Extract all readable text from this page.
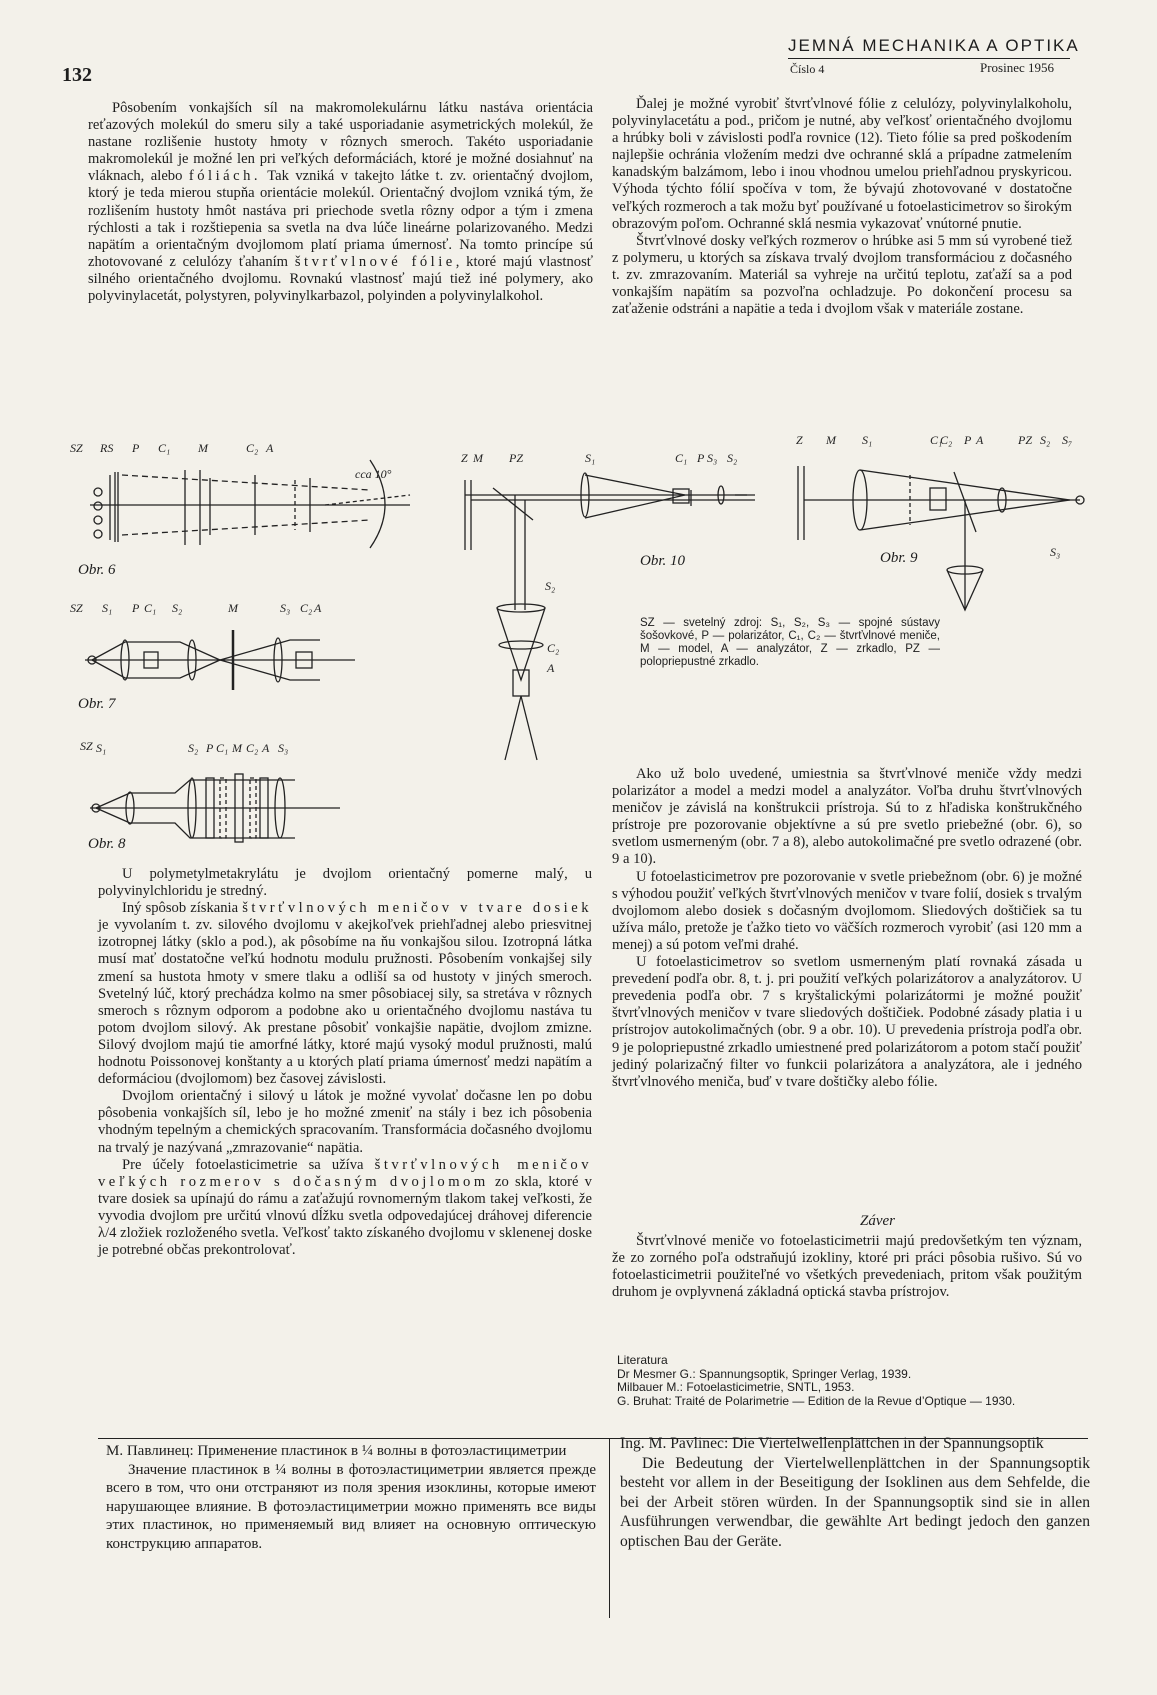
132
JEMNÁ MECHANIKA A OPTIKA
Číslo 4	Prosinec 1956

Pôsobením vonkajších síl na makromolekulárnu látku nastáva orientácia reťazových molekúl do smeru sily a také usporiadanie asymetrických molekúl, že nastane rozlišenie hustoty hmoty v rôznych smeroch. Takéto usporiadanie makromolekúl je možné len pri veľkých deformáciách, ktoré je možné dosiahnuť na vláknach, alebo fóliách. Tak vzniká v takejto látke t. zv. orientačný dvojlom, ktorý je teda mierou stupňa orientácie molekúl. Orientačný dvojlom vzniká tým, že rozlišením hustoty hmôt nastáva pri priechode svetla rôzny odpor a tým i zmena rýchlosti a tak i rozštiepenia sa svetla na dva lúče lineárne polarizovaného. Medzi napätím a orientačným dvojlomom platí priama úmernosť. Na tomto princípe sú zhotovované z celulózy ťahaním štvrťvlnové fólie, ktoré majú vlastnosť silného orientačného dvojlomu. Rovnakú vlastnosť majú tiež iné polymery, ako polyvinylacetát, polystyren, polyvinylkarbazol, polyinden a polyvinylalkohol.

Ďalej je možné vyrobiť štvrťvlnové fólie z celulózy, polyvinylalkoholu, polyvinylacetátu a pod., pričom je nutné, aby veľkosť orientačného dvojlomu a hrúbky boli v závislosti podľa rovnice (12). Tieto fólie sa pred poškodením najlepšie ochránia vložením medzi dve ochranné sklá a prípadne zatmelením kanadským balzámom, lebo i inou vhodnou umelou priehľadnou pryskyricou. Výhoda týchto fólií spočíva v tom, že bývajú zhotovované v dostatočne veľkých rozmeroch a tak možu byť používané u fotoelasticimetrov so širokým obrazovým poľom. Ochranné sklá nesmia vykazovať vnútorné pnutie.

Štvrťvlnové dosky veľkých rozmerov o hrúbke asi 5 mm sú vyrobené tiež z polymeru, u ktorých sa získava trvalý dvojlom transformáciou z dočasného t. zv. zmrazovaním. Materiál sa vyhreje na určitú teplotu, zaťaží sa a pod vonkajším napätím sa pozvoľna ochladzuje. Po dokončení procesu sa zaťaženie odstráni a napätie a teda i dvojlom však v materiále zostane.

SZ RS P C₁ M	C₂ A
cca 10°
Obr. 6
SZ S₁ P C₁ S₂	M	S₃ C₂ A
Obr. 7
SZ S₁	S₂ P C₁ M C₂ A S₃
Obr. 8
Z M PZ	S₁	C₁ P S₃ S₂
S₂
C₂
A
Obr. 10
Z M S₁	C₁
C₂ P A	PZ S₂ S₇
S₃
Obr. 9

SZ — svetelný zdroj: S₁, S₂, S₃ — spojné sústavy šošovkové, P — polarizátor, C₁, C₂ — štvrťvlnové meniče, M — model, A — analyzátor, Z — zrkadlo, PZ — polopriepustné zrkadlo.

U polymetylmetakrylátu je dvojlom orientačný pomerne malý, u polyvinylchloridu je stredný.

Iný spôsob získania štvrťvlnových meničov v tvare dosiek je vyvolaním t. zv. silového dvojlomu v akejkoľvek priehľadnej alebo priesvitnej izotropnej látky (sklo a pod.), ak pôsobíme na ňu vonkajšou silou. Izotropná látka musí mať dostatočne veľkú hodnotu modulu pružnosti. Pôsobením vonkajšej sily zmení sa hustota hmoty v smere tlaku a odliší sa od hustoty v jiných smeroch. Svetelný lúč, ktorý prechádza kolmo na smer pôsobiacej sily, sa stretáva v rôznych smeroch s rôznym odporom a podobne ako u orientačného dvojlomu nastáva tu potom dvojlom silový. Ak prestane pôsobiť vonkajšie napätie, dvojlom zmizne. Silový dvojlom majú tie amorfné látky, ktoré majú vysoký modul pružnosti, malú hodnotu Poissonovej konštanty a u ktorých platí priama úmernosť medzi napätím a deformáciou (dvojlomom) bez časovej závislosti.

Dvojlom orientačný i silový u látok je možné vyvolať dočasne len po dobu pôsobenia vonkajších síl, lebo je ho možné zmeniť na stály i bez ich pôsobenia vhodným tepelným a chemických spracovaním. Transformácia dočasného dvojlomu na trvalý je nazývaná „zmrazovanie“ napätia.

Pre účely fotoelasticimetrie sa užíva štvrťvlnových meničov veľkých rozmerov s dočasným dvojlomom zo skla, ktoré v tvare dosiek sa upínajú do rámu a zaťažujú rovnomerným tlakom takej veľkosti, že vyvodia dvojlom pre určitú vlnovú dĺžku svetla odpovedajúcej dráhovej diferencie λ/4 zložiek rozloženého svetla. Veľkosť takto získaného dvojlomu v sklenenej doske je potrebné občas prekontrolovať.

Ako už bolo uvedené, umiestnia sa štvrťvlnové meniče vždy medzi polarizátor a model a medzi model a analyzátor. Voľba druhu štvrťvlnových meničov je závislá na konštrukcii prístroja. Sú to z hľadiska konštrukčného prístroje pre pozorovanie objektívne a sú pre svetlo priebežné (obr. 6), so svetlom usmerneným (obr. 7 a 8), alebo autokolimačné pre svetlo odrazené (obr. 9 a 10).

U fotoelasticimetrov pre pozorovanie v svetle priebežnom (obr. 6) je možné s výhodou použiť veľkých štvrťvlnových meničov v tvare folií, dosiek s trvalým dvojlomom alebo dosiek s dočasným dvojlomom. Sliedových doštičiek sa tu užíva málo, pretože je ťažko tieto vo väčších rozmeroch vyrobiť (asi 120 mm a menej) a sú potom veľmi drahé.

U fotoelasticimetrov so svetlom usmerneným platí rovnaká zásada u prevedení podľa obr. 8, t. j. pri použití veľkých polarizátorov a analyzátorov. U prevedenia podľa obr. 7 s kryštalickými polarizátormi je možné použiť štvrťvlnových meničov v tvare sliedových doštičiek. Podobné zásady platia i u prístrojov autokolimačných (obr. 9 a obr. 10). U prevedenia prístroja podľa obr. 9 je polopriepustné zrkadlo umiestnené pred polarizátorom a potom stačí použiť jediný polarizačný filter vo funkcii polarizátora a analyzátora, ale i jedného štvrťvlnového meniča, buď v tvare doštičky alebo fólie.

Záver

Štvrťvlnové meniče vo fotoelasticimetrii majú predovšetkým ten význam, že zo zorného poľa odstraňujú izokliny, ktoré pri práci pôsobia rušivo. Sú vo fotoelasticimetrii použiteľné vo všetkých prevedeniach, pritom však použitým druhom je ovplyvnená základná optická stavba prístrojov.

Literatura

Dr Mesmer G.: Spannungsoptik, Springer Verlag, 1939.

Milbauer M.: Fotoelasticimetrie, SNTL, 1953.

G. Bruhat: Traité de Polarimetrie — Edition de la Revue d’Optique — 1930.

М. Павлинец: Применение пластинок в ¼ волны в фотоэластициметрии

Значение пластинок в ¼ волны в фотоэластициметрии является прежде всего в том, что они отстраняют из поля зрения изоклины, которые имеют нарушающее влияние. В фотоэластициметрии можно применять все виды этих пластинок, но применяемый вид влияет на основную оптическую конструкцию аппаратов.

Ing. M. Pavlinec: Die Viertelwellenplättchen in der Spannungsoptik

Die Bedeutung der Viertelwellenplättchen in der Spannungsoptik besteht vor allem in der Beseitigung der Isoklinen aus dem Sehfelde, die bei der Arbeit stören würden. In der Spannungsoptik sind sie in allen Ausführungen verwendbar, die gewählte Art bedingt jedoch den ganzen optischen Bau der Geräte.
